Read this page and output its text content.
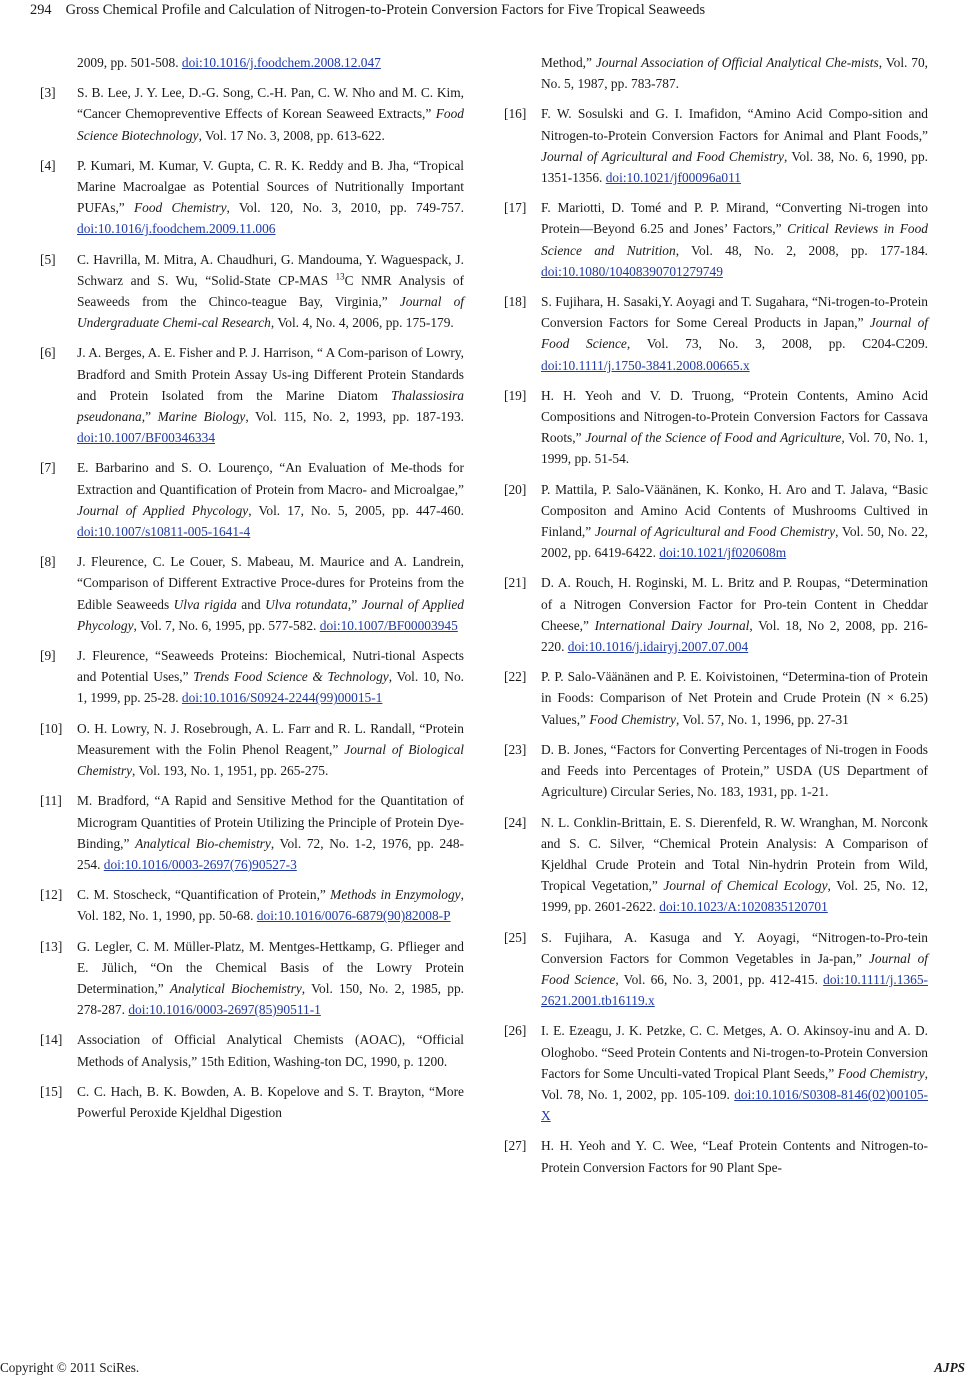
294 Gross Chemical Profile and Calculation of Nitrogen-to-Protein Conversion Factors for Five Tropical Seaweeds
2009, pp. 501-508. doi:10.1016/j.foodchem.2008.12.047
[3] S. B. Lee, J. Y. Lee, D.-G. Song, C.-H. Pan, C. W. Nho and M. C. Kim, “Cancer Chemopreventive Effects of Korean Seaweed Extracts,” Food Science Biotechnology, Vol. 17 No. 3, 2008, pp. 613-622.
[4] P. Kumari, M. Kumar, V. Gupta, C. R. K. Reddy and B. Jha, “Tropical Marine Macroalgae as Potential Sources of Nutritionally Important PUFAs,” Food Chemistry, Vol. 120, No. 3, 2010, pp. 749-757. doi:10.1016/j.foodchem.2009.11.006
[5] C. Havrilla, M. Mitra, A. Chaudhuri, G. Mandouma, Y. Waguespack, J. Schwarz and S. Wu, “Solid-State CP-MAS $^{13}$C NMR Analysis of Seaweeds from the Chinco-teague Bay, Virginia,” Journal of Undergraduate Chemi-cal Research, Vol. 4, No. 4, 2006, pp. 175-179.
[6] J. A. Berges, A. E. Fisher and P. J. Harrison, “ A Com-parison of Lowry, Bradford and Smith Protein Assay Us-ing Different Protein Standards and Protein Isolated from the Marine Diatom Thalassiosira pseudonana,” Marine Biology, Vol. 115, No. 2, 1993, pp. 187-193. doi:10.1007/BF00346334
[7] E. Barbarino and S. O. Lourenço, “An Evaluation of Me-thods for Extraction and Quantification of Protein from Macro- and Microalgae,” Journal of Applied Phycology, Vol. 17, No. 5, 2005, pp. 447-460. doi:10.1007/s10811-005-1641-4
[8] J. Fleurence, C. Le Couer, S. Mabeau, M. Maurice and A. Landrein, “Comparison of Different Extractive Proce-dures for Proteins from the Edible Seaweeds Ulva rigida and Ulva rotundata,” Journal of Applied Phycology, Vol. 7, No. 6, 1995, pp. 577-582. doi:10.1007/BF00003945
[9] J. Fleurence, “Seaweeds Proteins: Biochemical, Nutri-tional Aspects and Potential Uses,” Trends Food Science & Technology, Vol. 10, No. 1, 1999, pp. 25-28. doi:10.1016/S0924-2244(99)00015-1
[10] O. H. Lowry, N. J. Rosebrough, A. L. Farr and R. L. Randall, “Protein Measurement with the Folin Phenol Reagent,” Journal of Biological Chemistry, Vol. 193, No. 1, 1951, pp. 265-275.
[11] M. Bradford, “A Rapid and Sensitive Method for the Quantitation of Microgram Quantities of Protein Utilizing the Principle of Protein Dye-Binding,” Analytical Bio-chemistry, Vol. 72, No. 1-2, 1976, pp. 248-254. doi:10.1016/0003-2697(76)90527-3
[12] C. M. Stoscheck, “Quantification of Protein,” Methods in Enzymology, Vol. 182, No. 1, 1990, pp. 50-68. doi:10.1016/0076-6879(90)82008-P
[13] G. Legler, C. M. Müller-Platz, M. Mentges-Hettkamp, G. Pflieger and E. Jülich, “On the Chemical Basis of the Lowry Protein Determination,” Analytical Biochemistry, Vol. 150, No. 2, 1985, pp. 278-287. doi:10.1016/0003-2697(85)90511-1
[14] Association of Official Analytical Chemists (AOAC), “Official Methods of Analysis,” 15th Edition, Washing-ton DC, 1990, p. 1200.
[15] C. C. Hach, B. K. Bowden, A. B. Kopelove and S. T. Brayton, “More Powerful Peroxide Kjeldhal Digestion
Method,” Journal Association of Official Analytical Che-mists, Vol. 70, No. 5, 1987, pp. 783-787.
[16] F. W. Sosulski and G. I. Imafidon, “Amino Acid Compo-sition and Nitrogen-to-Protein Conversion Factors for Animal and Plant Foods,” Journal of Agricultural and Food Chemistry, Vol. 38, No. 6, 1990, pp. 1351-1356. doi:10.1021/jf00096a011
[17] F. Mariotti, D. Tomé and P. P. Mirand, “Converting Ni-trogen into Protein—Beyond 6.25 and Jones’ Factors,” Critical Reviews in Food Science and Nutrition, Vol. 48, No. 2, 2008, pp. 177-184. doi:10.1080/10408390701279749
[18] S. Fujihara, H. Sasaki,Y. Aoyagi and T. Sugahara, “Ni-trogen-to-Protein Conversion Factors for Some Cereal Products in Japan,” Journal of Food Science, Vol. 73, No. 3, 2008, pp. C204-C209. doi:10.1111/j.1750-3841.2008.00665.x
[19] H. H. Yeoh and V. D. Truong, “Protein Contents, Amino Acid Compositions and Nitrogen-to-Protein Conversion Factors for Cassava Roots,” Journal of the Science of Food and Agriculture, Vol. 70, No. 1, 1999, pp. 51-54.
[20] P. Mattila, P. Salo-Väänänen, K. Konko, H. Aro and T. Jalava, “Basic Compositon and Amino Acid Contents of Mushrooms Cultived in Finland,” Journal of Agricultural and Food Chemistry, Vol. 50, No. 22, 2002, pp. 6419-6422. doi:10.1021/jf020608m
[21] D. A. Rouch, H. Roginski, M. L. Britz and P. Roupas, “Determination of a Nitrogen Conversion Factor for Pro-tein Content in Cheddar Cheese,” International Dairy Journal, Vol. 18, No 2, 2008, pp. 216-220. doi:10.1016/j.idairyj.2007.07.004
[22] P. P. Salo-Väänänen and P. E. Koivistoinen, “Determina-tion of Protein in Foods: Comparison of Net Protein and Crude Protein (N × 6.25) Values,” Food Chemistry, Vol. 57, No. 1, 1996, pp. 27-31
[23] D. B. Jones, “Factors for Converting Percentages of Ni-trogen in Foods and Feeds into Percentages of Protein,” USDA (US Department of Agriculture) Circular Series, No. 183, 1931, pp. 1-21.
[24] N. L. Conklin-Brittain, E. S. Dierenfeld, R. W. Wranghan, M. Norconk and S. C. Silver, “Chemical Protein Analysis: A Comparison of Kjeldhal Crude Protein and Total Nin-hydrin Protein from Wild, Tropical Vegetation,” Journal of Chemical Ecology, Vol. 25, No. 12, 1999, pp. 2601-2622. doi:10.1023/A:1020835120701
[25] S. Fujihara, A. Kasuga and Y. Aoyagi, “Nitrogen-to-Pro-tein Conversion Factors for Common Vegetables in Ja-pan,” Journal of Food Science, Vol. 66, No. 3, 2001, pp. 412-415. doi:10.1111/j.1365-2621.2001.tb16119.x
[26] I. E. Ezeagu, J. K. Petzke, C. C. Metges, A. O. Akinsoy-inu and A. D. Ologhobo. “Seed Protein Contents and Ni-trogen-to-Protein Conversion Factors for Some Unculti-vated Tropical Plant Seeds,” Food Chemistry, Vol. 78, No. 1, 2002, pp. 105-109. doi:10.1016/S0308-8146(02)00105-X
[27] H. H. Yeoh and Y. C. Wee, “Leaf Protein Contents and Nitrogen-to-Protein Conversion Factors for 90 Plant Spe-
Copyright © 2011 SciRes.	AJPS
